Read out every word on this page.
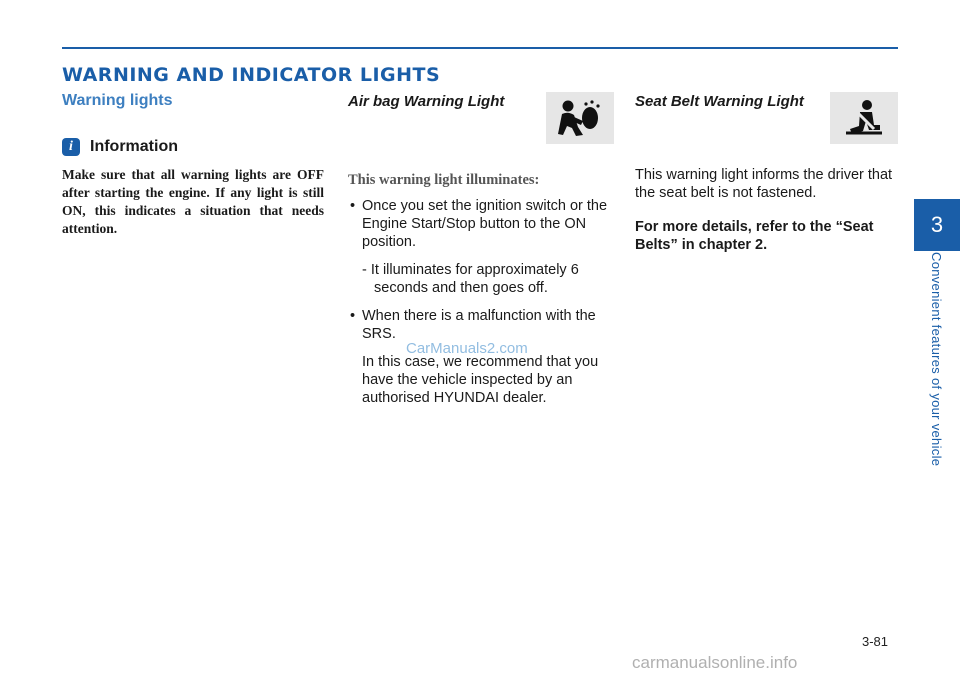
WARNING AND INDICATOR LIGHTS
3
Convenient features of your vehicle
Warning lights
i	Information

Make sure that all warning lights are OFF after starting the engine. If any light is still ON, this indicates a situation that needs attention.

Air bag Warning Light

This warning light illuminates:

• Once you set the ignition switch or the Engine Start/Stop button to the ON position.

- It illuminates for approximately 6 seconds and then goes off.

• When there is a malfunction with the SRS.

In this case, we recommend that you have the vehicle inspected by an authorised HYUNDAI dealer.

Seat Belt Warning Light

This warning light informs the driver that the seat belt is not fastened.

For more details, refer to the “Seat Belts” in chapter 2.

CarManuals2.com
3-81
carmanualsonline.info
